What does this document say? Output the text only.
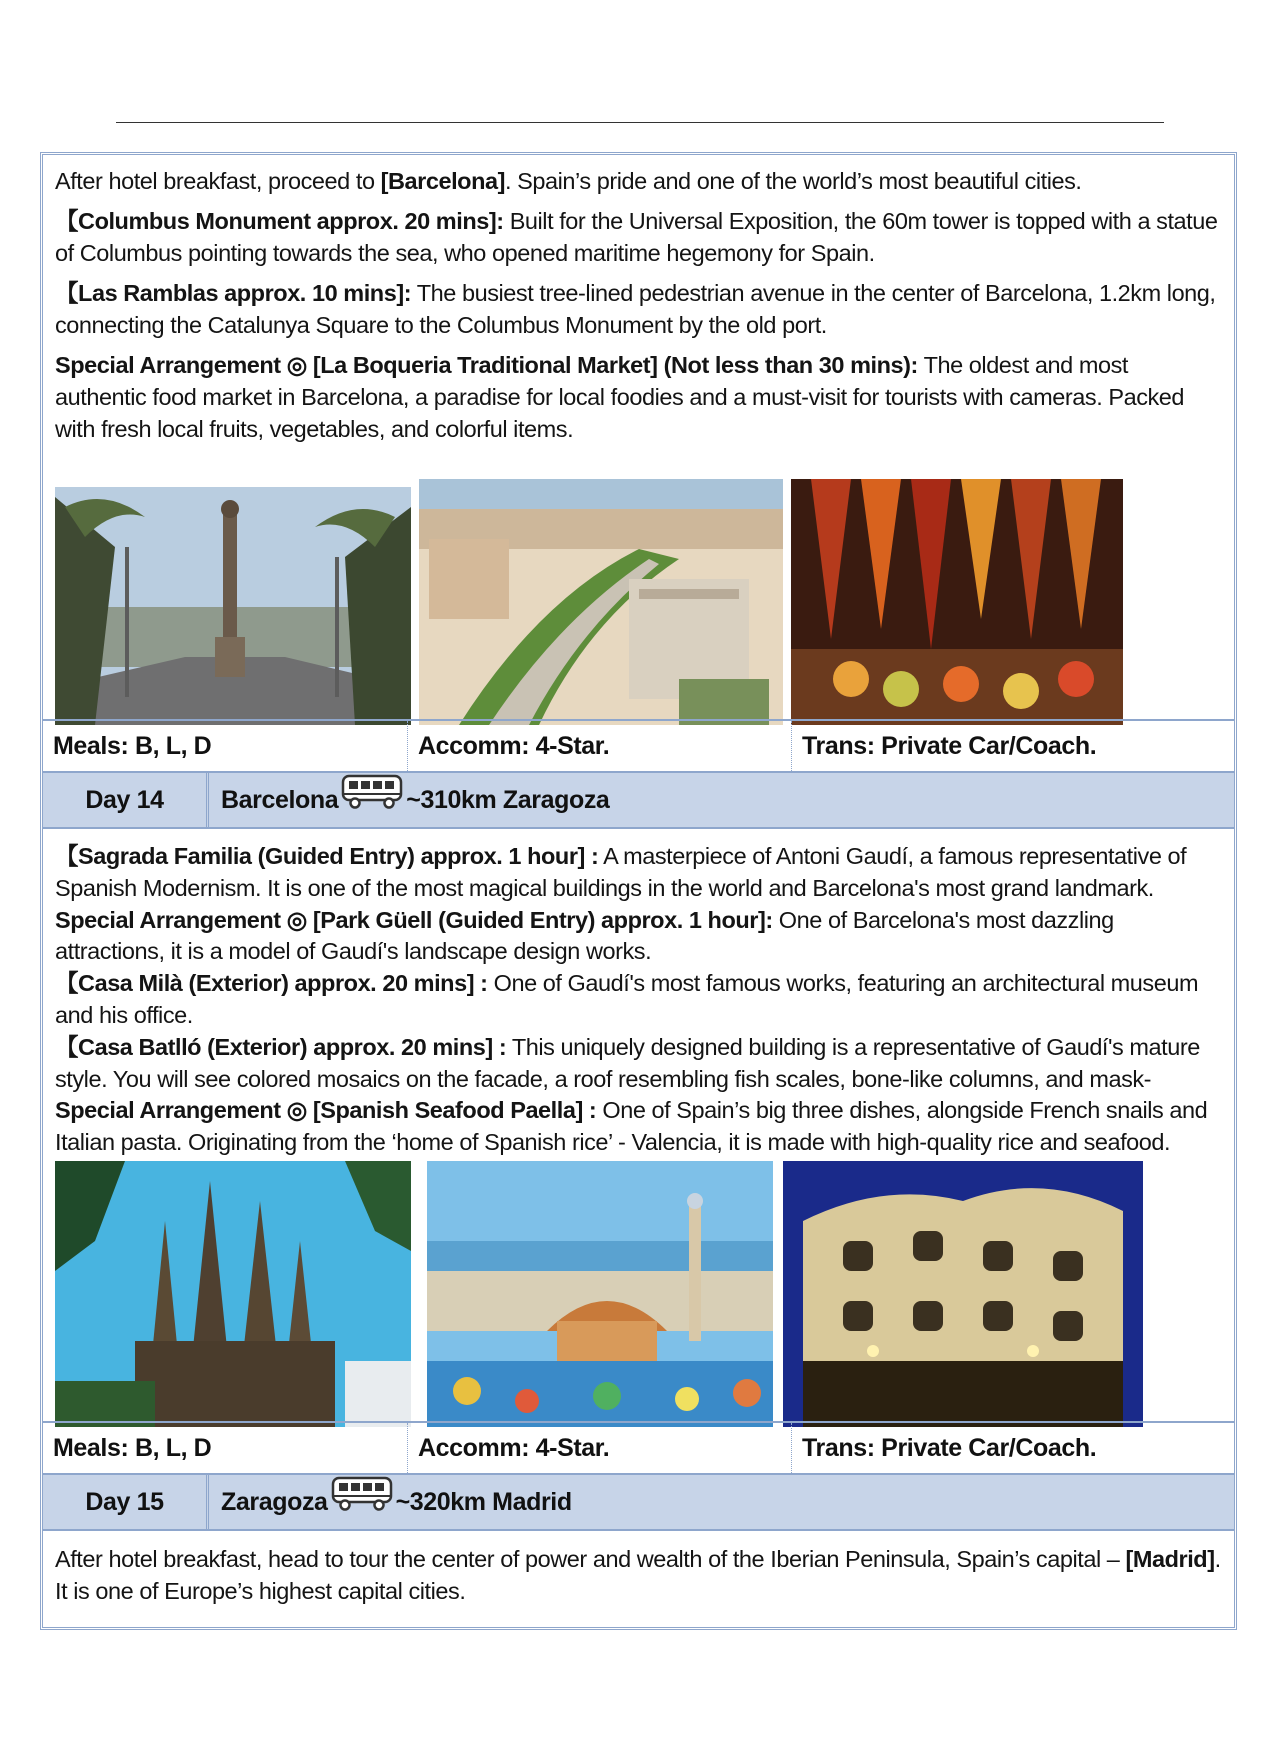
After hotel breakfast, proceed to [Barcelona]. Spain’s pride and one of the world’s most beautiful cities.

【Columbus Monument approx. 20 mins]: Built for the Universal Exposition, the 60m tower is topped with a statue of Columbus pointing towards the sea, who opened maritime hegemony for Spain.

【Las Ramblas approx. 10 mins]: The busiest tree-lined pedestrian avenue in the center of Barcelona, 1.2km long, connecting the Catalunya Square to the Columbus Monument by the old port.

Special Arrangement ◎ [La Boqueria Traditional Market] (Not less than 30 mins): The oldest and most authentic food market in Barcelona, a paradise for local foodies and a must-visit for tourists with cameras. Packed with fresh local fruits, vegetables, and colorful items.

Meals: B, L, D	Accomm: 4-Star.	Trans: Private Car/Coach.
Day 14	Barcelona	~310km Zaragoza

【Sagrada Familia (Guided Entry) approx. 1 hour] : A masterpiece of Antoni Gaudí, a famous representative of Spanish Modernism. It is one of the most magical buildings in the world and Barcelona's most grand landmark.

Special Arrangement ◎ [Park Güell (Guided Entry) approx. 1 hour]: One of Barcelona's most dazzling attractions, it is a model of Gaudí's landscape design works.

【Casa Milà (Exterior) approx. 20 mins] : One of Gaudí's most famous works, featuring an architectural museum and his office.

【Casa Batlló (Exterior) approx. 20 mins] : This uniquely designed building is a representative of Gaudí's mature style. You will see colored mosaics on the facade, a roof resembling fish scales, bone-like columns, and mask-

Special Arrangement ◎ [Spanish Seafood Paella] : One of Spain’s big three dishes, alongside French snails and Italian pasta. Originating from the ‘home of Spanish rice’ - Valencia, it is made with high-quality rice and seafood.

Meals: B, L, D	Accomm: 4-Star.	Trans: Private Car/Coach.
Day 15	Zaragoza	~320km Madrid

After hotel breakfast, head to tour the center of power and wealth of the Iberian Peninsula, Spain’s capital – [Madrid]. It is one of Europe’s highest capital cities.
